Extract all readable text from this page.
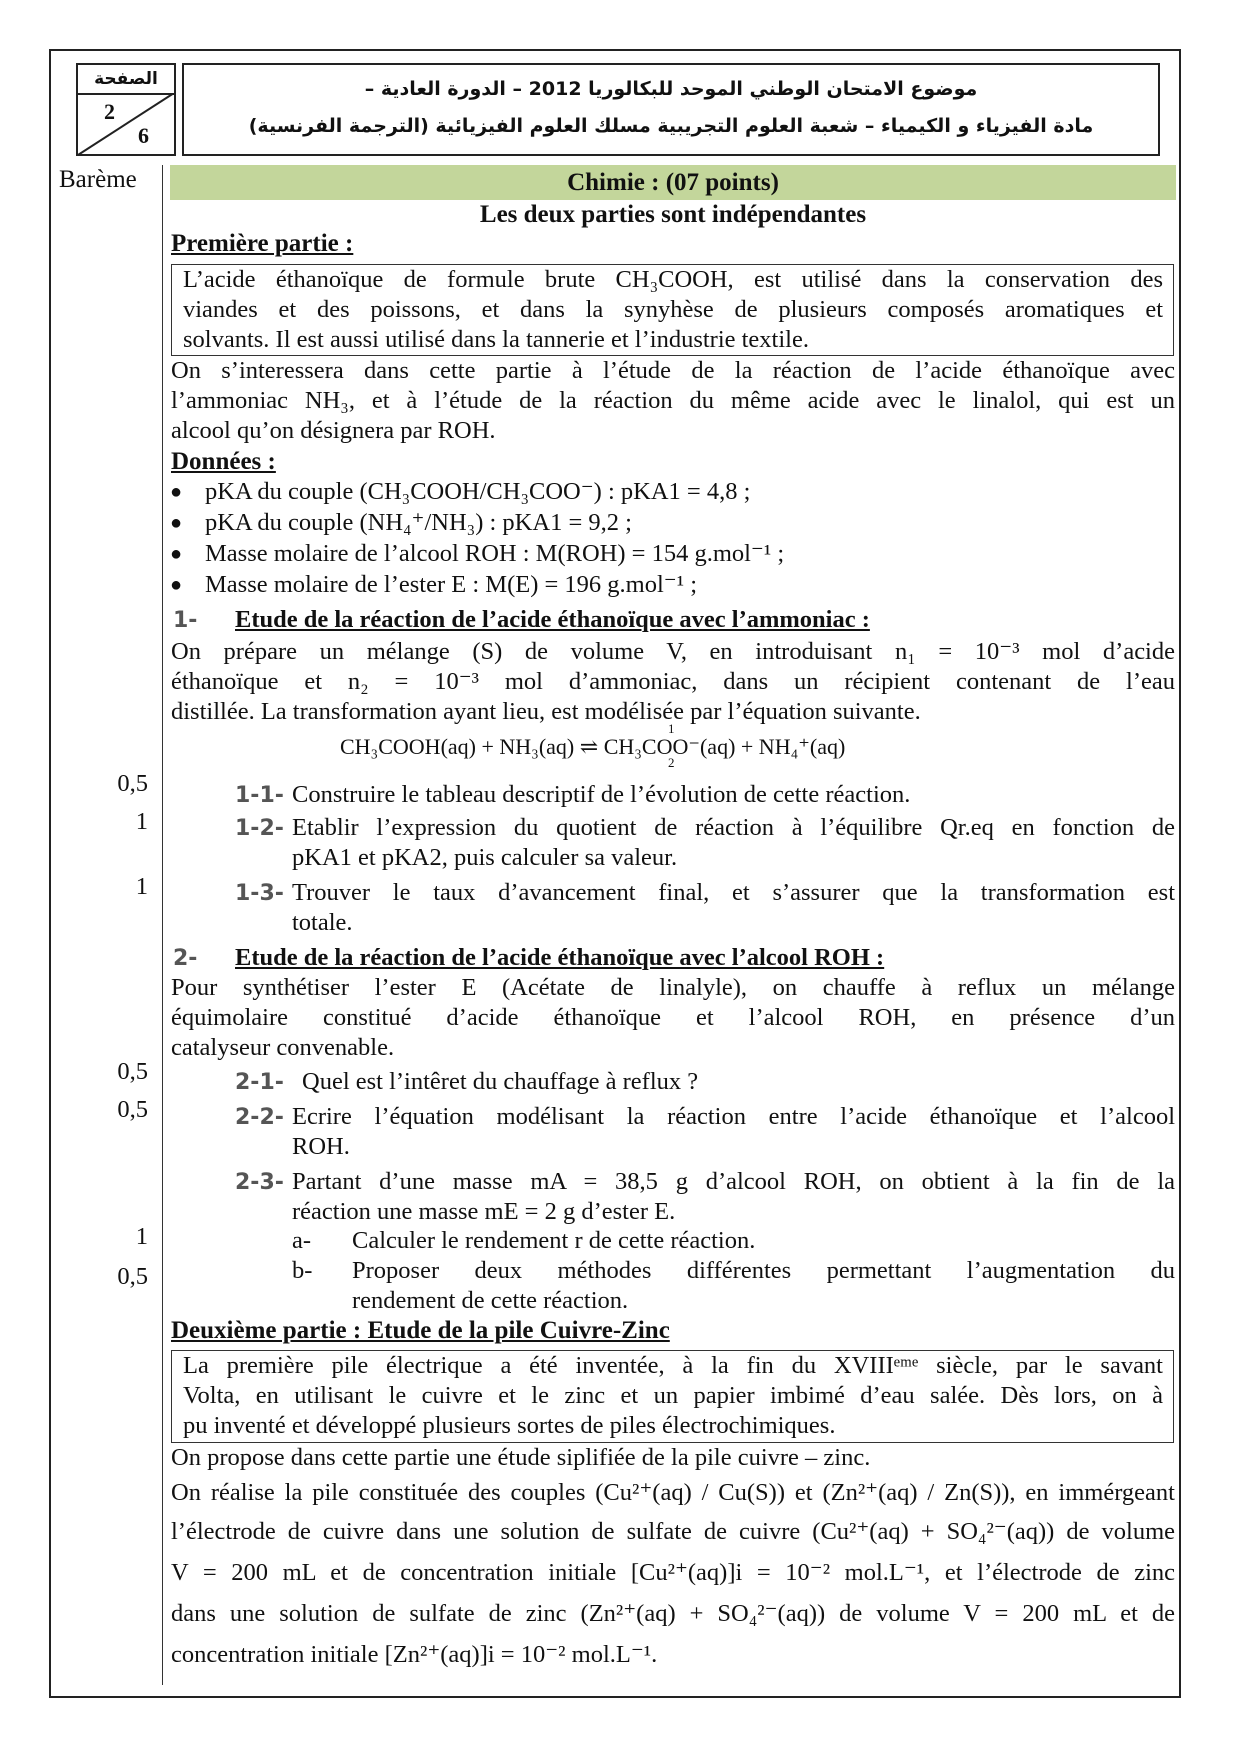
الصفحة
2
6
موضوع الامتحان الوطني الموحد للبكالوريا 2012 – الدورة العادية –
مادة الفيزياء و الكيمياء – شعبة العلوم التجريبية مسلك العلوم الفيزيائية (الترجمة الفرنسية)
Barème	Chimie : (07 points)
Les deux parties sont indépendantes
Première partie :
L’acide éthanoïque de formule brute CH₃COOH, est utilisé dans la conservation des
viandes et des poissons, et dans la synyhèse de plusieurs composés aromatiques et
solvants. Il est aussi utilisé dans la tannerie et l’industrie textile.
On s’interessera dans cette partie à l’étude de la réaction de l’acide éthanoïque avec
l’ammoniac NH₃, et à l’étude de la réaction du même acide avec le linalol, qui est un
alcool qu’on désignera par ROH.
Données :
● pKA du couple (CH₃COOH/CH₃COO⁻) : pKA1 = 4,8 ;
● pKA du couple (NH₄⁺/NH₃) : pKA1 = 9,2 ;
● Masse molaire de l’alcool ROH : M(ROH) = 154 g.mol⁻¹ ;
● Masse molaire de l’ester E : M(E) = 196 g.mol⁻¹ ;
1- Etude de la réaction de l’acide éthanoïque avec l’ammoniac :
On prépare un mélange (S) de volume V, en introduisant n₁ = 10⁻³ mol d’acide
éthanoïque et n₂ = 10⁻³ mol d’ammoniac, dans un récipient contenant de l’eau
distillée. La transformation ayant lieu, est modélisée par l’équation suivante.
CH₃COOH(aq) + NH₃(aq) ⇌ CH₃COO⁻(aq) + NH₄⁺(aq)
1
2
1-1- Construire le tableau descriptif de l’évolution de cette réaction.
1-2- Etablir l’expression du quotient de réaction à l’équilibre Qr.eq en fonction de
pKA1 et pKA2, puis calculer sa valeur.
1-3- Trouver le taux d’avancement final, et s’assurer que la transformation est
totale.
2- Etude de la réaction de l’acide éthanoïque avec l’alcool ROH :
Pour synthétiser l’ester E (Acétate de linalyle), on chauffe à reflux un mélange
équimolaire constitué d’acide éthanoïque et l’alcool ROH, en présence d’un
catalyseur convenable.
2-1- Quel est l’intêret du chauffage à reflux ?
2-2- Ecrire l’équation modélisant la réaction entre l’acide éthanoïque et l’alcool
ROH.
2-3- Partant d’une masse mA = 38,5 g d’alcool ROH, on obtient à la fin de la
réaction une masse mE = 2 g d’ester E.
a- Calculer le rendement r de cette réaction.
b- Proposer deux méthodes différentes permettant l’augmentation du
rendement de cette réaction.
Deuxième partie : Etude de la pile Cuivre-Zinc
La première pile électrique a été inventée, à la fin du XVIIIᵉᵐᵉ siècle, par le savant
Volta, en utilisant le cuivre et le zinc et un papier imbimé d’eau salée. Dès lors, on à
pu inventé et développé plusieurs sortes de piles électrochimiques.
On propose dans cette partie une étude siplifiée de la pile cuivre – zinc.
On réalise la pile constituée des couples (Cu²⁺(aq) / Cu(S)) et (Zn²⁺(aq) / Zn(S)), en immérgeant
l’électrode de cuivre dans une solution de sulfate de cuivre (Cu²⁺(aq) + SO₄²⁻(aq)) de volume
V = 200 mL et de concentration initiale [Cu²⁺(aq)]i = 10⁻² mol.L⁻¹, et l’électrode de zinc
dans une solution de sulfate de zinc (Zn²⁺(aq) + SO₄²⁻(aq)) de volume V = 200 mL et de
concentration initiale [Zn²⁺(aq)]i = 10⁻² mol.L⁻¹.
0,5
1
1
0,5
0,5
1
0,5
